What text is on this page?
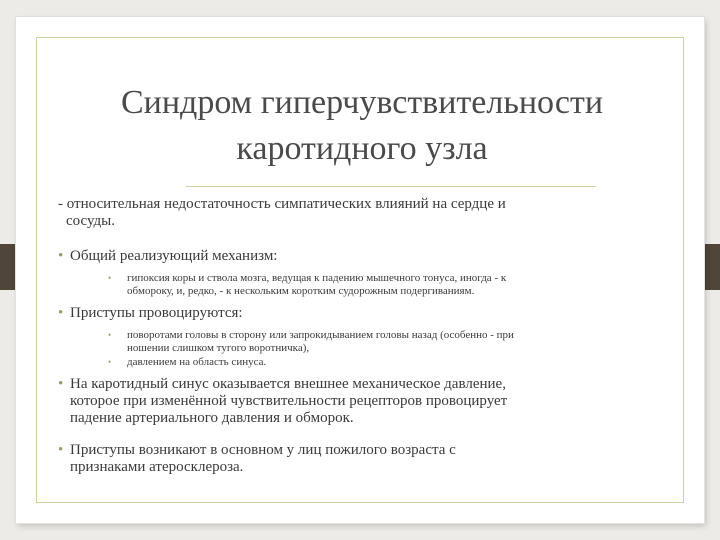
Синдром гиперчувствительности
каротидного узла
- относительная недостаточность симпатических влияний на сердце и
сосуды.
• Общий реализующий механизм:
• гипоксия коры и ствола мозга, ведущая к падению мышечного тонуса, иногда - к
обмороку, и, редко, - к нескольким коротким судорожным подергиваниям.
• Приступы провоцируются:
• поворотами головы в сторону или запрокидыванием головы назад (особенно - при
ношении слишком тугого воротничка),
• давлением на область синуса.
• На каротидный синус оказывается внешнее механическое давление,
которое при изменённой чувствительности рецепторов провоцирует
падение артериального давления и обморок.
• Приступы возникают в основном у лиц пожилого возраста с
признаками атеросклероза.
